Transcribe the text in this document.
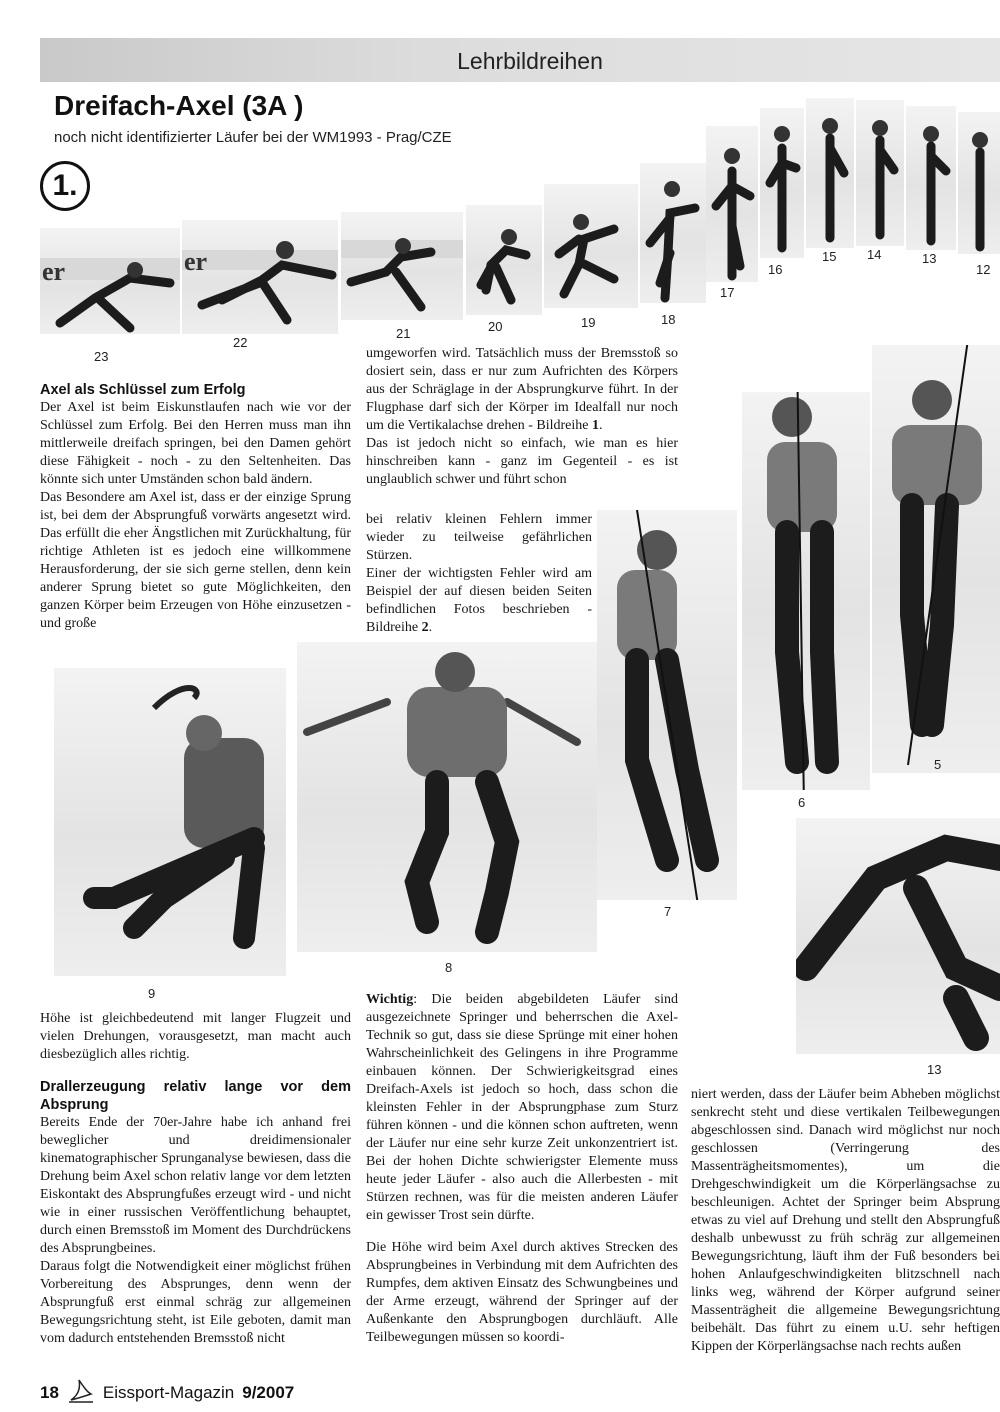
Lehrbildreihen
Dreifach-Axel (3A )
noch nicht identifizierter Läufer bei der WM1993 - Prag/CZE
1.
er	er
23
22
21	20	19	18
17
16
15 14	13
12
9
8
7
6
5
13
Axel als Schlüssel zum Erfolg

Der Axel ist beim Eiskunstlaufen nach wie vor der Schlüssel zum Erfolg. Bei den Herren muss man ihn mittlerweile dreifach springen, bei den Damen gehört diese Fähigkeit - noch - zu den Seltenheiten. Das könnte sich unter Umständen schon bald ändern.

Das Besondere am Axel ist, dass er der einzige Sprung ist, bei dem der Absprungfuß vorwärts angesetzt wird. Das erfüllt die eher Ängstlichen mit Zurückhaltung, für richtige Athleten ist es jedoch eine willkommene Herausforderung, der sie sich gerne stellen, denn kein anderer Sprung bietet so gute Möglichkeiten, den ganzen Körper beim Erzeugen von Höhe einzusetzen - und große

umgeworfen wird. Tatsächlich muss der Bremsstoß so dosiert sein, dass er nur zum Aufrichten des Körpers aus der Schräglage in der Absprungkurve führt. In der Flugphase darf sich der Körper im Idealfall nur noch um die Vertikalachse drehen - Bildreihe 1.

Das ist jedoch nicht so einfach, wie man es hier hinschreiben kann - ganz im Gegenteil - es ist unglaublich schwer und führt schon

bei relativ kleinen Fehlern immer wieder zu teilweise gefährlichen Stürzen.

Einer der wichtigsten Fehler wird am Beispiel der auf diesen beiden Seiten befindlichen Fotos beschrieben - Bildreihe 2.

Höhe ist gleichbedeutend mit langer Flugzeit und vielen Drehungen, vorausgesetzt, man macht auch diesbezüglich alles richtig.

Drallerzeugung relativ lange vor dem Absprung

Bereits Ende der 70er-Jahre habe ich anhand frei beweglicher und dreidimensionaler kinematographischer Sprunganalyse bewiesen, dass die Drehung beim Axel schon relativ lange vor dem letzten Eiskontakt des Absprungfußes erzeugt wird - und nicht wie in einer russischen Veröffentlichung behauptet, durch einen Bremsstoß im Moment des Durchdrückens des Absprungbeines.

Daraus folgt die Notwendigkeit einer möglichst frühen Vorbereitung des Absprunges, denn wenn der Absprungfuß erst einmal schräg zur allgemeinen Bewegungsrichtung steht, ist Eile geboten, damit man vom dadurch entstehenden Bremsstoß nicht

Wichtig: Die beiden abgebildeten Läufer sind ausgezeichnete Springer und beherrschen die Axel-Technik so gut, dass sie diese Sprünge mit einer hohen Wahrscheinlichkeit des Gelingens in ihre Programme einbauen können. Der Schwierigkeitsgrad eines Dreifach-Axels ist jedoch so hoch, dass schon die kleinsten Fehler in der Absprungphase zum Sturz führen können - und die können schon auftreten, wenn der Läufer nur eine sehr kurze Zeit unkonzentriert ist. Bei der hohen Dichte schwierigster Elemente muss heute jeder Läufer - also auch die Allerbesten - mit Stürzen rechnen, was für die meisten anderen Läufer ein gewisser Trost sein dürfte.

Die Höhe wird beim Axel durch aktives Strecken des Absprungbeines in Verbindung mit dem Aufrichten des Rumpfes, dem aktiven Einsatz des Schwungbeines und der Arme erzeugt, während der Springer auf der Außenkante den Absprungbogen durchläuft. Alle Teilbewegungen müssen so koordi-

niert werden, dass der Läufer beim Abheben möglichst senkrecht steht und diese vertikalen Teilbewegungen abgeschlossen sind. Danach wird möglichst nur noch geschlossen (Verringerung des Massenträgheitsmomentes), um die Drehgeschwindigkeit um die Körperlängsachse zu beschleunigen. Achtet der Springer beim Absprung etwas zu viel auf Drehung und stellt den Absprungfuß deshalb unbewusst zu früh schräg zur allgemeinen Bewegungsrichtung, läuft ihm der Fuß besonders bei hohen Anlaufgeschwindigkeiten blitzschnell nach links weg, während der Körper aufgrund seiner Massenträgheit die allgemeine Bewegungsrichtung beibehält. Das führt zu einem u.U. sehr heftigen Kippen der Körperlängsachse nach rechts außen

18	Eissport-Magazin 9/2007
